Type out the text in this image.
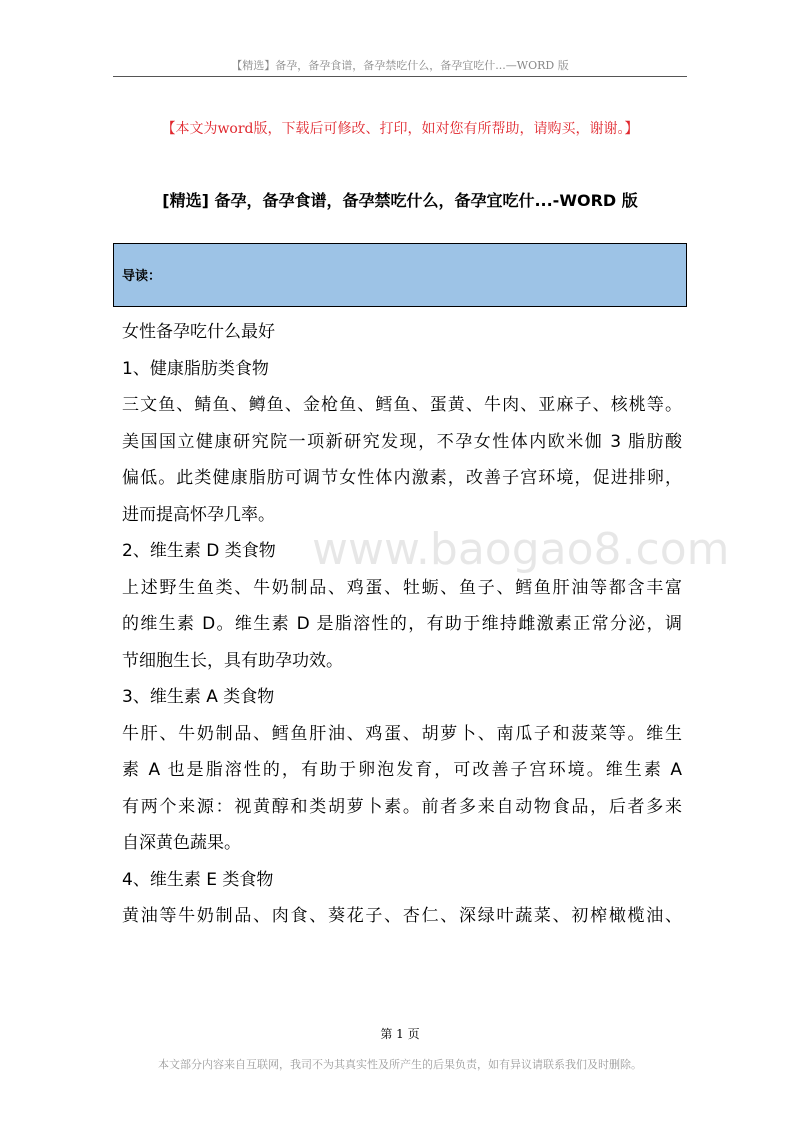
【精选】备孕，备孕食谱，备孕禁吃什么，备孕宜吃什...—WORD 版
【本文为word版，下载后可修改、打印，如对您有所帮助，请购买，谢谢。】
[精选] 备孕，备孕食谱，备孕禁吃什么，备孕宜吃什...-WORD 版
导读：
女性备孕吃什么最好
1、健康脂肪类食物
三文鱼、鲭鱼、鳟鱼、金枪鱼、鳕鱼、蛋黄、牛肉、亚麻子、核桃等。
美国国立健康研究院一项新研究发现，不孕女性体内欧米伽 3 脂肪酸
偏低。此类健康脂肪可调节女性体内激素，改善子宫环境，促进排卵，
进而提高怀孕几率。
2、维生素 D 类食物
上述野生鱼类、牛奶制品、鸡蛋、牡蛎、鱼子、鳕鱼肝油等都含丰富
的维生素 D。维生素 D 是脂溶性的，有助于维持雌激素正常分泌，调
节细胞生长，具有助孕功效。
3、维生素 A 类食物
牛肝、牛奶制品、鳕鱼肝油、鸡蛋、胡萝卜、南瓜子和菠菜等。维生
素 A 也是脂溶性的，有助于卵泡发育，可改善子宫环境。维生素 A
有两个来源：视黄醇和类胡萝卜素。前者多来自动物食品，后者多来
自深黄色蔬果。
4、维生素 E 类食物
黄油等牛奶制品、肉食、葵花子、杏仁、深绿叶蔬菜、初榨橄榄油、
www.baogao8.com
第 1 页
本文部分内容来自互联网，我司不为其真实性及所产生的后果负责，如有异议请联系我们及时删除。
